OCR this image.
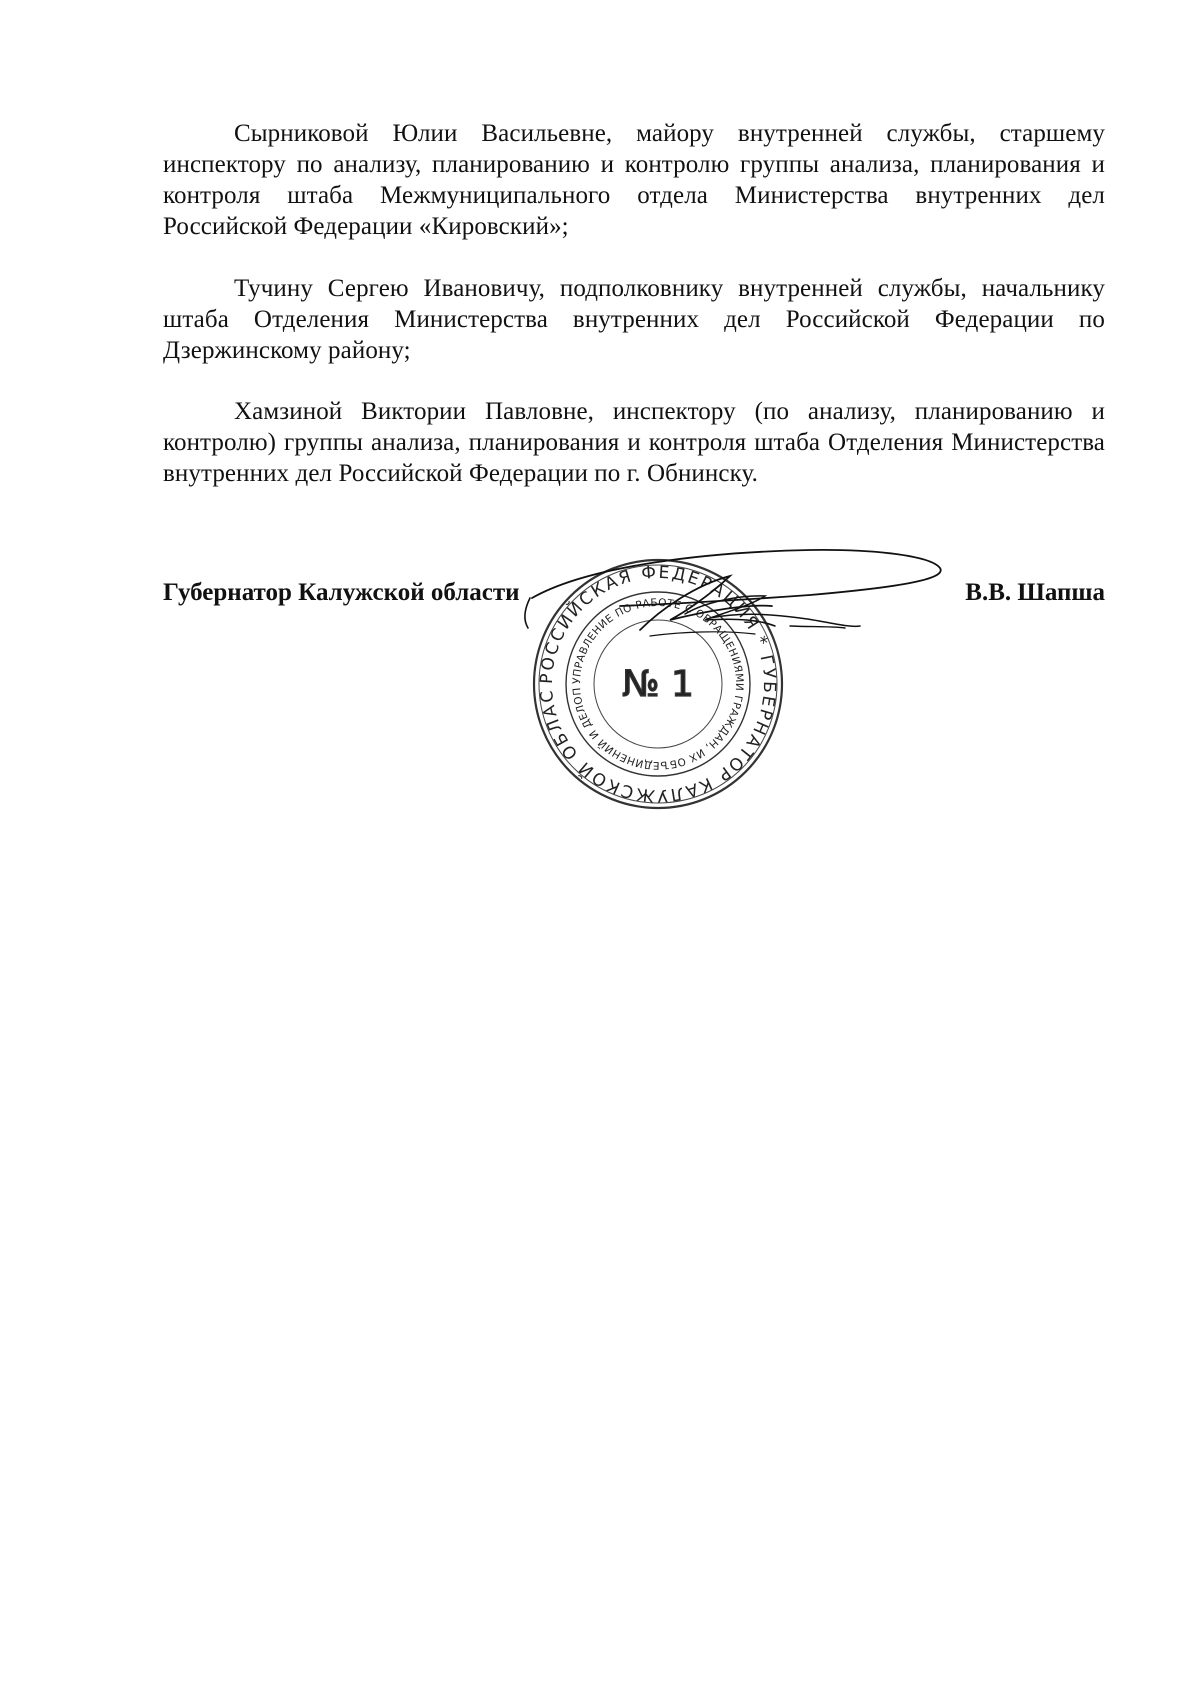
Сырниковой Юлии Васильевне, майору внутренней службы, старшему инспектору по анализу, планированию и контролю группы анализа, планирования и контроля штаба Межмуниципального отдела Министерства внутренних дел Российской Федерации «Кировский»;

Тучину Сергею Ивановичу, подполковнику внутренней службы, начальнику штаба Отделения Министерства внутренних дел Российской Федерации по Дзержинскому району;

Хамзиной Виктории Павловне, инспектору (по анализу, планированию и контролю) группы анализа, планирования и контроля штаба Отделения Министерства внутренних дел Российской Федерации по г. Обнинску.

Губернатор Калужской области	В.В. Шапша

РОССИЙСКАЯ ФЕДЕРАЦИЯ * ГУБЕРНАТОР КАЛУЖСКОЙ ОБЛАС
УПРАВЛЕНИЕ ПО РАБОТЕ С ОБРАЩЕНИЯМИ ГРАЖДАН, ИХ ОБЪЕДИНЕНИЙ И ДЕЛОП	№ 1
